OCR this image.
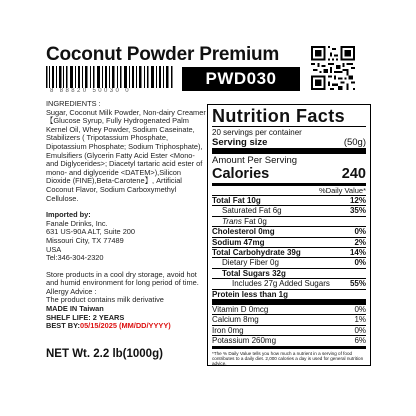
Coconut Powder Premium
8 88820 50030 0
PWD030
INGREDIENTS :
Sugar, Coconut Milk Powder, Non-dairy Creamer【Glucose Syrup, Fully Hydrogenated Palm Kernel Oil, Whey Powder, Sodium Caseinate, Stabilizers ( Tripotassium Phosphate, Dipotassium Phosphate; Sodium Triphosphate), Emulsifiers (Glycerin Fatty Acid Ester <Mono-and Diglycerides>; Diacetyl tartaric acid ester of mono- and diglyceride <DATEM>),Silicon Dioxide (FINE),Beta-Carotene】, Artificial Coconut Flavor, Sodium Carboxymethyl Cellulose.
Imported by:
Fanale Drinks, Inc.
631 US-90A ALT, Suite 200
Missouri City, TX 77489
USA
Tel:346-304-2320
Store products in a cool dry storage, avoid hot and humid environment for long period of time.
Allergy Advice :
The product contains milk derivative
MADE IN Taiwan
SHELF LIFE: 2 YEARS
BEST BY:05/15/2025 (MM/DD/YYYY)
NET Wt. 2.2 lb(1000g)
Nutrition Facts
20 servings per container
Serving size	(50g)
Amount Per Serving
Calories	240
%Daily Value*
Total Fat 10g	12%
Saturated Fat 6g	35%
Trans Fat 0g
Cholesterol 0mg	0%
Sodium 47mg	2%
Total Carbohydrate 39g	14%
Dietary Fiber 0g	0%
Total Sugars 32g
Includes 27g Added Sugars	55%
Protein less than 1g
Vitamin D 0mcg	0%
Calcium 8mg	1%
Iron 0mg	0%
Potassium 260mg	6%
*The % Daily Value tells you how much a nutrient in a serving of food contributes to a daily diet. 2,000 calories a day is used for general nutrition advice.
